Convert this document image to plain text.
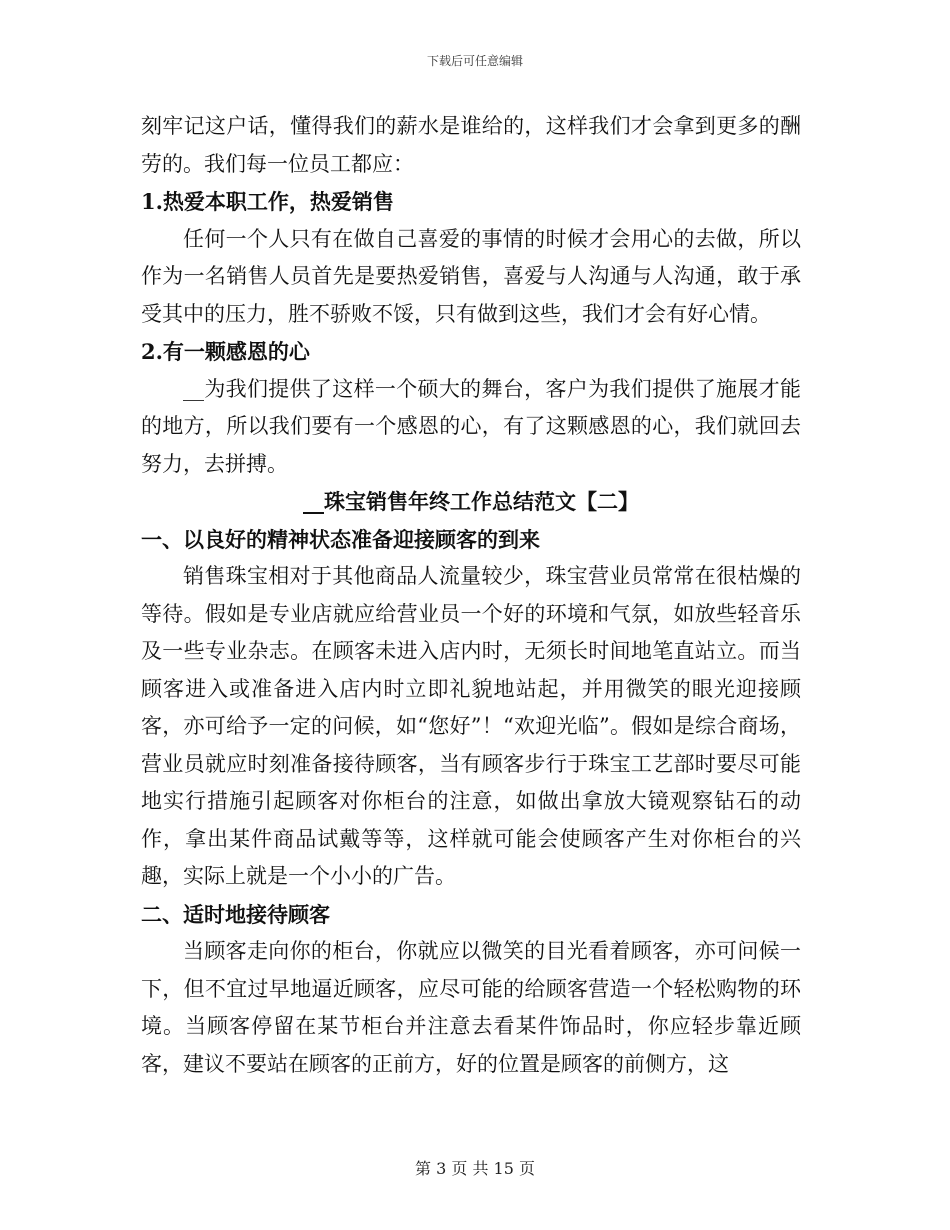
下载后可任意编辑

刻牢记这户话，懂得我们的薪水是谁给的，这样我们才会拿到更多的酬劳的。我们每一位员工都应：

1.热爱本职工作，热爱销售

任何一个人只有在做自己喜爱的事情的时候才会用心的去做，所以作为一名销售人员首先是要热爱销售，喜爱与人沟通与人沟通，敢于承受其中的压力，胜不骄败不馁，只有做到这些，我们才会有好心情。

2.有一颗感恩的心

__为我们提供了这样一个硕大的舞台，客户为我们提供了施展才能的地方，所以我们要有一个感恩的心，有了这颗感恩的心，我们就回去努力，去拼搏。

__珠宝销售年终工作总结范文【二】

一、以良好的精神状态准备迎接顾客的到来

销售珠宝相对于其他商品人流量较少，珠宝营业员常常在很枯燥的等待。假如是专业店就应给营业员一个好的环境和气氛，如放些轻音乐及一些专业杂志。在顾客未进入店内时，无须长时间地笔直站立。而当顾客进入或准备进入店内时立即礼貌地站起，并用微笑的眼光迎接顾客，亦可给予一定的问候，如“您好”！“欢迎光临”。假如是综合商场，营业员就应时刻准备接待顾客，当有顾客步行于珠宝工艺部时要尽可能地实行措施引起顾客对你柜台的注意，如做出拿放大镜观察钻石的动作，拿出某件商品试戴等等，这样就可能会使顾客产生对你柜台的兴趣，实际上就是一个小小的广告。

二、适时地接待顾客

当顾客走向你的柜台，你就应以微笑的目光看着顾客，亦可问候一下，但不宜过早地逼近顾客，应尽可能的给顾客营造一个轻松购物的环境。当顾客停留在某节柜台并注意去看某件饰品时，你应轻步靠近顾客，建议不要站在顾客的正前方，好的位置是顾客的前侧方，这

第 3 页 共 15 页
